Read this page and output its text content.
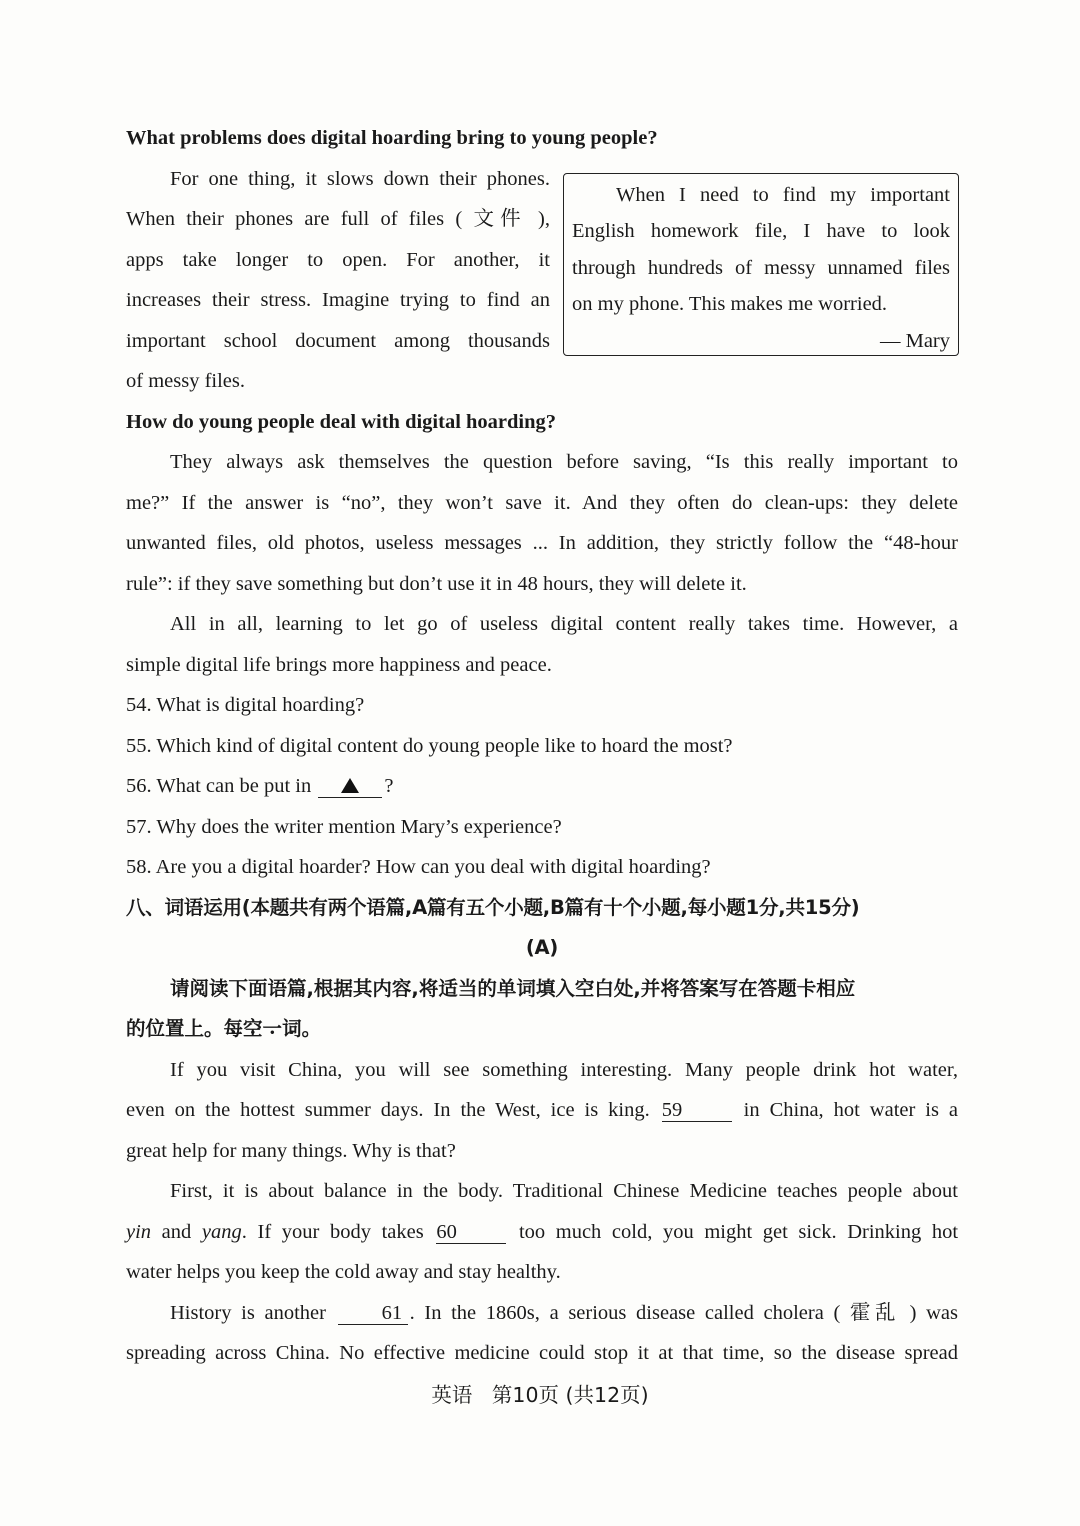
What problems does digital hoarding bring to young people?
For one thing, it slows down their phones.
When their phones are full of files ( 文件 ),
apps take longer to open. For another, it
increases their stress. Imagine trying to find an
important school document among thousands
of messy files.
When I need to find my important
English homework file, I have to look
through hundreds of messy unnamed files
on my phone. This makes me worried.
— Mary
How do young people deal with digital hoarding?
They always ask themselves the question before saving, “Is this really important to
me?” If the answer is “no”, they won’t save it. And they often do clean-ups: they delete
unwanted files, old photos, useless messages ... In addition, they strictly follow the “48-hour
rule”: if they save something but don’t use it in 48 hours, they will delete it.
All in all, learning to let go of useless digital content really takes time. However, a
simple digital life brings more happiness and peace.
54. What is digital hoarding?
55. Which kind of digital content do young people like to hoard the most?
56. What can be put in	?
57. Why does the writer mention Mary’s experience?
58. Are you a digital hoarder? How can you deal with digital hoarding?
八、词语运用(本题共有两个语篇,A篇有五个小题,B篇有十个小题,每小题1分,共15分)
(A)
请阅读下面语篇,根据其内容,将适当的单词填入空白处,并将答案写在答题卡相应
的位置上。每 •空 •一 •词 •。
If you visit China, you will see something interesting. Many people drink hot water,
even on the hottest summer days. In the West, ice is king. 59	in China, hot water is a
great help for many things. Why is that?
First, it is about balance in the body. Traditional Chinese Medicine teaches people about
yin and yang. If your body takes 60	too much cold, you might get sick. Drinking hot
water helps you keep the cold away and stay healthy.
History is another	61 . In the 1860s, a serious disease called cholera ( 霍乱 ) was
spreading across China. No effective medicine could stop it at that time, so the disease spread
英语   第10页 (共12页)
